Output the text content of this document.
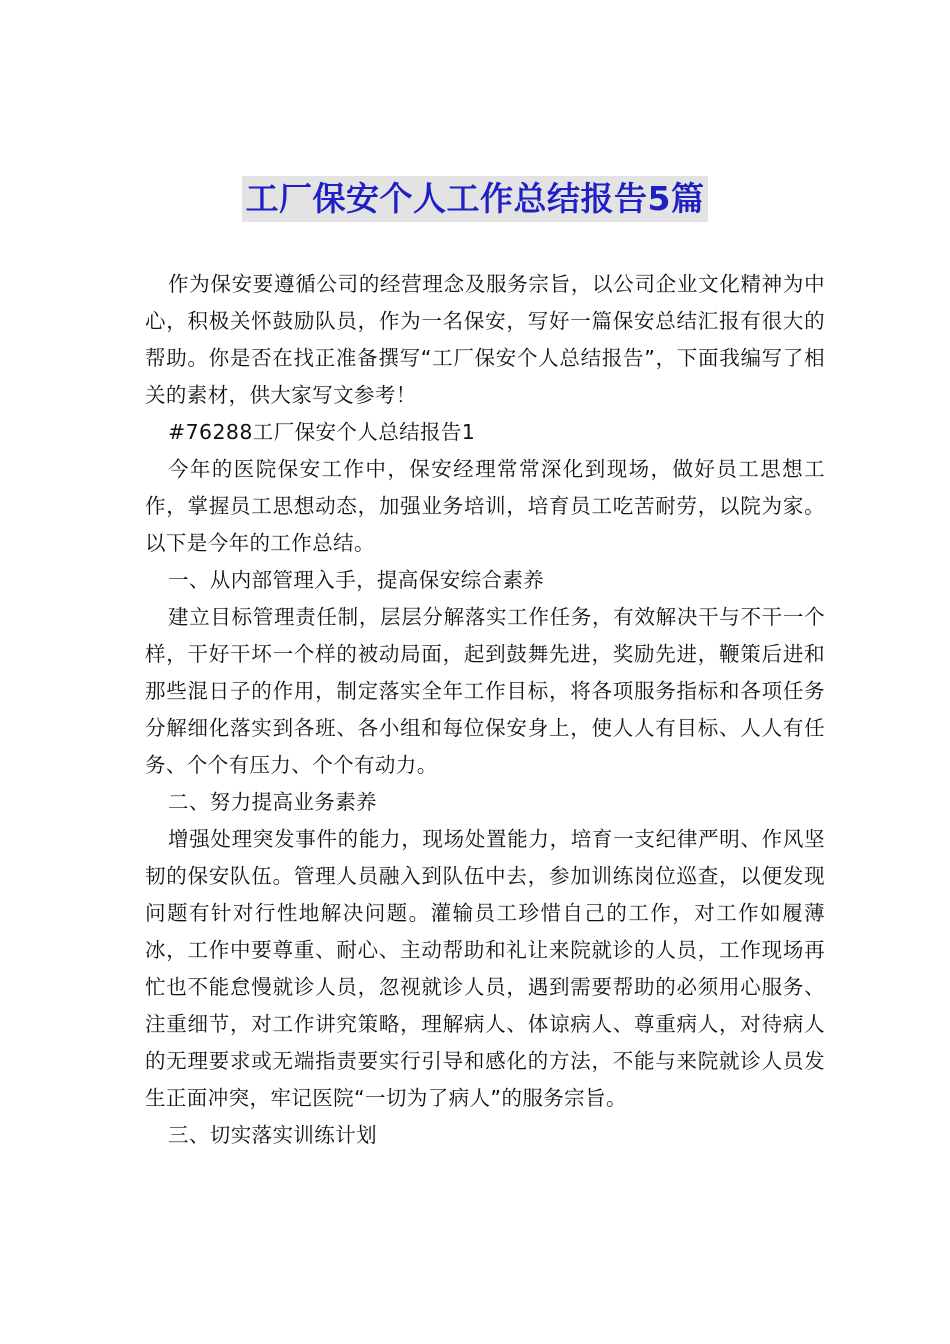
工厂保安个人工作总结报告5篇

作为保安要遵循公司的经营理念及服务宗旨，以公司企业文化精神为中心，积极关怀鼓励队员，作为一名保安，写好一篇保安总结汇报有很大的帮助。你是否在找正准备撰写“工厂保安个人总结报告”，下面我编写了相关的素材，供大家写文参考！

#76288工厂保安个人总结报告1

今年的医院保安工作中，保安经理常常深化到现场，做好员工思想工作，掌握员工思想动态，加强业务培训，培育员工吃苦耐劳，以院为家。以下是今年的工作总结。

一、从内部管理入手，提高保安综合素养

建立目标管理责任制，层层分解落实工作任务，有效解决干与不干一个样，干好干坏一个样的被动局面，起到鼓舞先进，奖励先进，鞭策后进和那些混日子的作用，制定落实全年工作目标，将各项服务指标和各项任务分解细化落实到各班、各小组和每位保安身上，使人人有目标、人人有任务、个个有压力、个个有动力。

二、努力提高业务素养

增强处理突发事件的能力，现场处置能力，培育一支纪律严明、作风坚韧的保安队伍。管理人员融入到队伍中去，参加训练岗位巡查，以便发现问题有针对行性地解决问题。灌输员工珍惜自己的工作，对工作如履薄冰，工作中要尊重、耐心、主动帮助和礼让来院就诊的人员，工作现场再忙也不能怠慢就诊人员，忽视就诊人员，遇到需要帮助的必须用心服务、注重细节，对工作讲究策略，理解病人、体谅病人、尊重病人，对待病人的无理要求或无端指责要实行引导和感化的方法，不能与来院就诊人员发生正面冲突，牢记医院“一切为了病人”的服务宗旨。

三、切实落实训练计划
